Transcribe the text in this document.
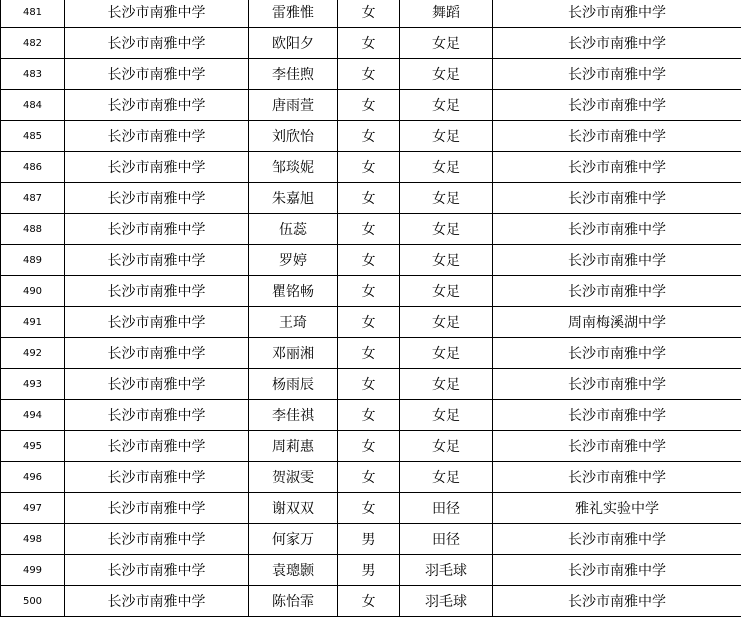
481	长沙市南雅中学	雷雅惟	女	舞蹈	长沙市南雅中学
482	长沙市南雅中学	欧阳夕	女	女足	长沙市南雅中学
483	长沙市南雅中学	李佳煦	女	女足	长沙市南雅中学
484	长沙市南雅中学	唐雨萱	女	女足	长沙市南雅中学
485	长沙市南雅中学	刘欣怡	女	女足	长沙市南雅中学
486	长沙市南雅中学	邹琰妮	女	女足	长沙市南雅中学
487	长沙市南雅中学	朱嘉旭	女	女足	长沙市南雅中学
488	长沙市南雅中学	伍蕊	女	女足	长沙市南雅中学
489	长沙市南雅中学	罗婷	女	女足	长沙市南雅中学
490	长沙市南雅中学	瞿铭畅	女	女足	长沙市南雅中学
491	长沙市南雅中学	王琦	女	女足	周南梅溪湖中学
492	长沙市南雅中学	邓丽湘	女	女足	长沙市南雅中学
493	长沙市南雅中学	杨雨辰	女	女足	长沙市南雅中学
494	长沙市南雅中学	李佳祺	女	女足	长沙市南雅中学
495	长沙市南雅中学	周莉惠	女	女足	长沙市南雅中学
496	长沙市南雅中学	贺淑雯	女	女足	长沙市南雅中学
497	长沙市南雅中学	谢双双	女	田径	雅礼实验中学
498	长沙市南雅中学	何家万	男	田径	长沙市南雅中学
499	长沙市南雅中学	袁璁颢	男	羽毛球	长沙市南雅中学
500	长沙市南雅中学	陈怡霏	女	羽毛球	长沙市南雅中学
